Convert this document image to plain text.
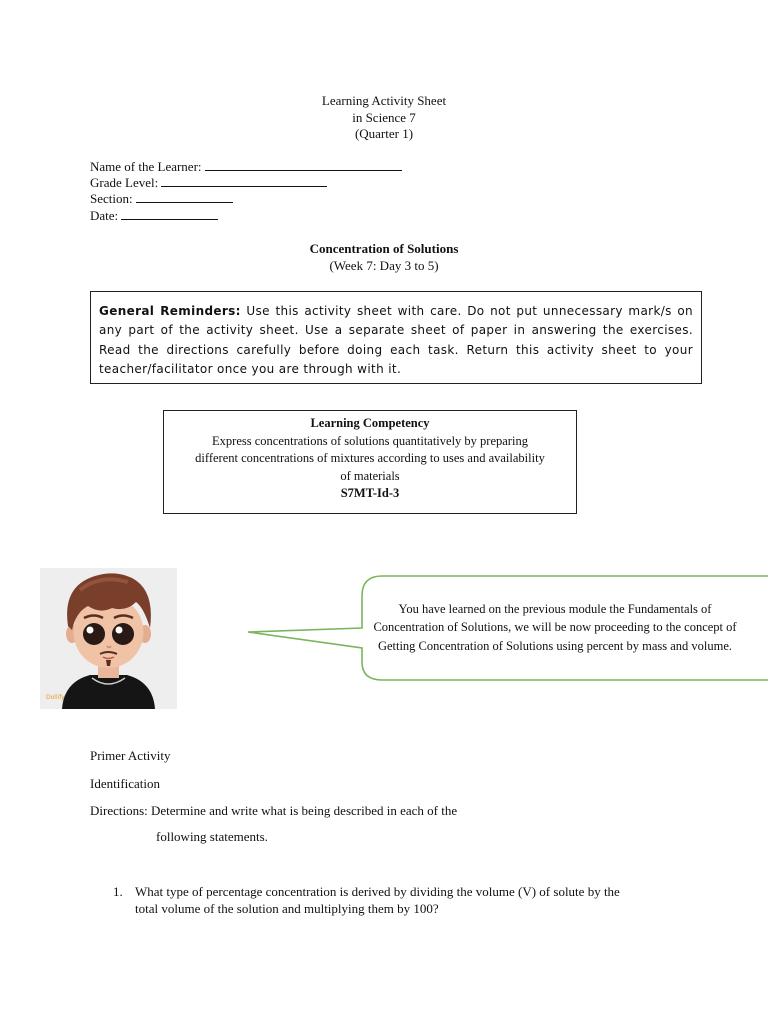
Learning Activity Sheet
in Science 7
(Quarter 1)
Name of the Learner:
Grade Level:
Section:
Date:
Concentration of Solutions
(Week 7: Day 3 to 5)
General Reminders: Use this activity sheet with care. Do not put unnecessary mark/s on any part of the activity sheet. Use a separate sheet of paper in answering the exercises. Read the directions carefully before doing each task. Return this activity sheet to your teacher/facilitator once you are through with it.
Learning Competency
Express concentrations of solutions quantitatively by preparing
different concentrations of mixtures according to uses and availability
of materials
S7MT-Id-3
Dollify
You have learned on the previous module the Fundamentals of
Concentration of Solutions, we will be now proceeding to the concept of
Getting Concentration of Solutions using percent by mass and volume.
Primer Activity
Identification
Directions: Determine and write what is being described in each of the
following statements.
1. What type of percentage concentration is derived by dividing the volume (V) of solute by the
total volume of the solution and multiplying them by 100?
